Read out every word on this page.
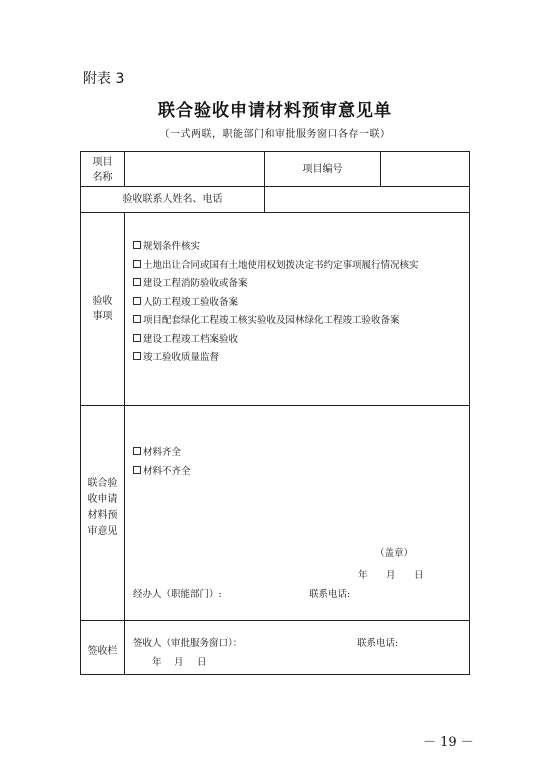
附表 3
联合验收申请材料预审意见单
（一式两联，职能部门和审批服务窗口各存一联）
项目
名称
项目编号
验收联系人姓名、电话
验收
事项
规划条件核实
土地出让合同或国有土地使用权划拨决定书约定事项履行情况核实
建设工程消防验收或备案
人防工程竣工验收备案
项目配套绿化工程竣工核实验收及园林绿化工程竣工验收备案
建设工程竣工档案验收
竣工验收质量监督
联合验
收申请
材料预
审意见
材料齐全
材料不齐全
（盖章）
年 月 日
经办人（职能部门）:	联系电话:
签收栏
签收人（审批服务窗口）：	联系电话:
年 月 日
－ 19 －
